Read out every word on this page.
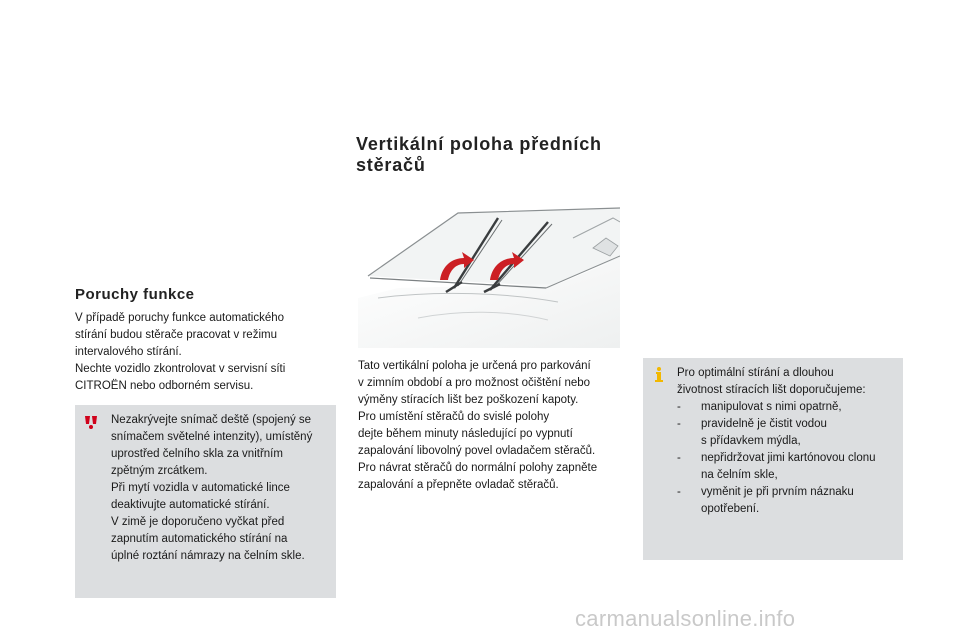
Poruchy funkce

V případě poruchy funkce automatického
stírání budou stěrače pracovat v režimu
intervalového stírání.
Nechte vozidlo zkontrolovat v servisní síti
CITROËN nebo odborném servisu.

Nezakrývejte snímač deště (spojený se
snímačem světelné intenzity), umístěný
uprostřed čelního skla za vnitřním
zpětným zrcátkem.
Při mytí vozidla v automatické lince
deaktivujte automatické stírání.
V zimě je doporučeno vyčkat před
zapnutím automatického stírání na
úplné roztání námrazy na čelním skle.

Vertikální poloha předních
stěračů

Tato vertikální poloha je určená pro parkování
v zimním období a pro možnost očištění nebo
výměny stíracích lišt bez poškození kapoty.
Pro umístění stěračů do svislé polohy
dejte během minuty následující po vypnutí
zapalování libovolný povel ovladačem stěračů.
Pro návrat stěračů do normální polohy zapněte
zapalování a přepněte ovladač stěračů.

Pro optimální stírání a dlouhou
životnost stíracích lišt doporučujeme:

-	manipulovat s nimi opatrně,
-	pravidelně je čistit vodou
s přídavkem mýdla,
-	nepřidržovat jimi kartónovou clonu
na čelním skle,
-	vyměnit je při prvním náznaku
opotřebení.
carmanualsonline.info
